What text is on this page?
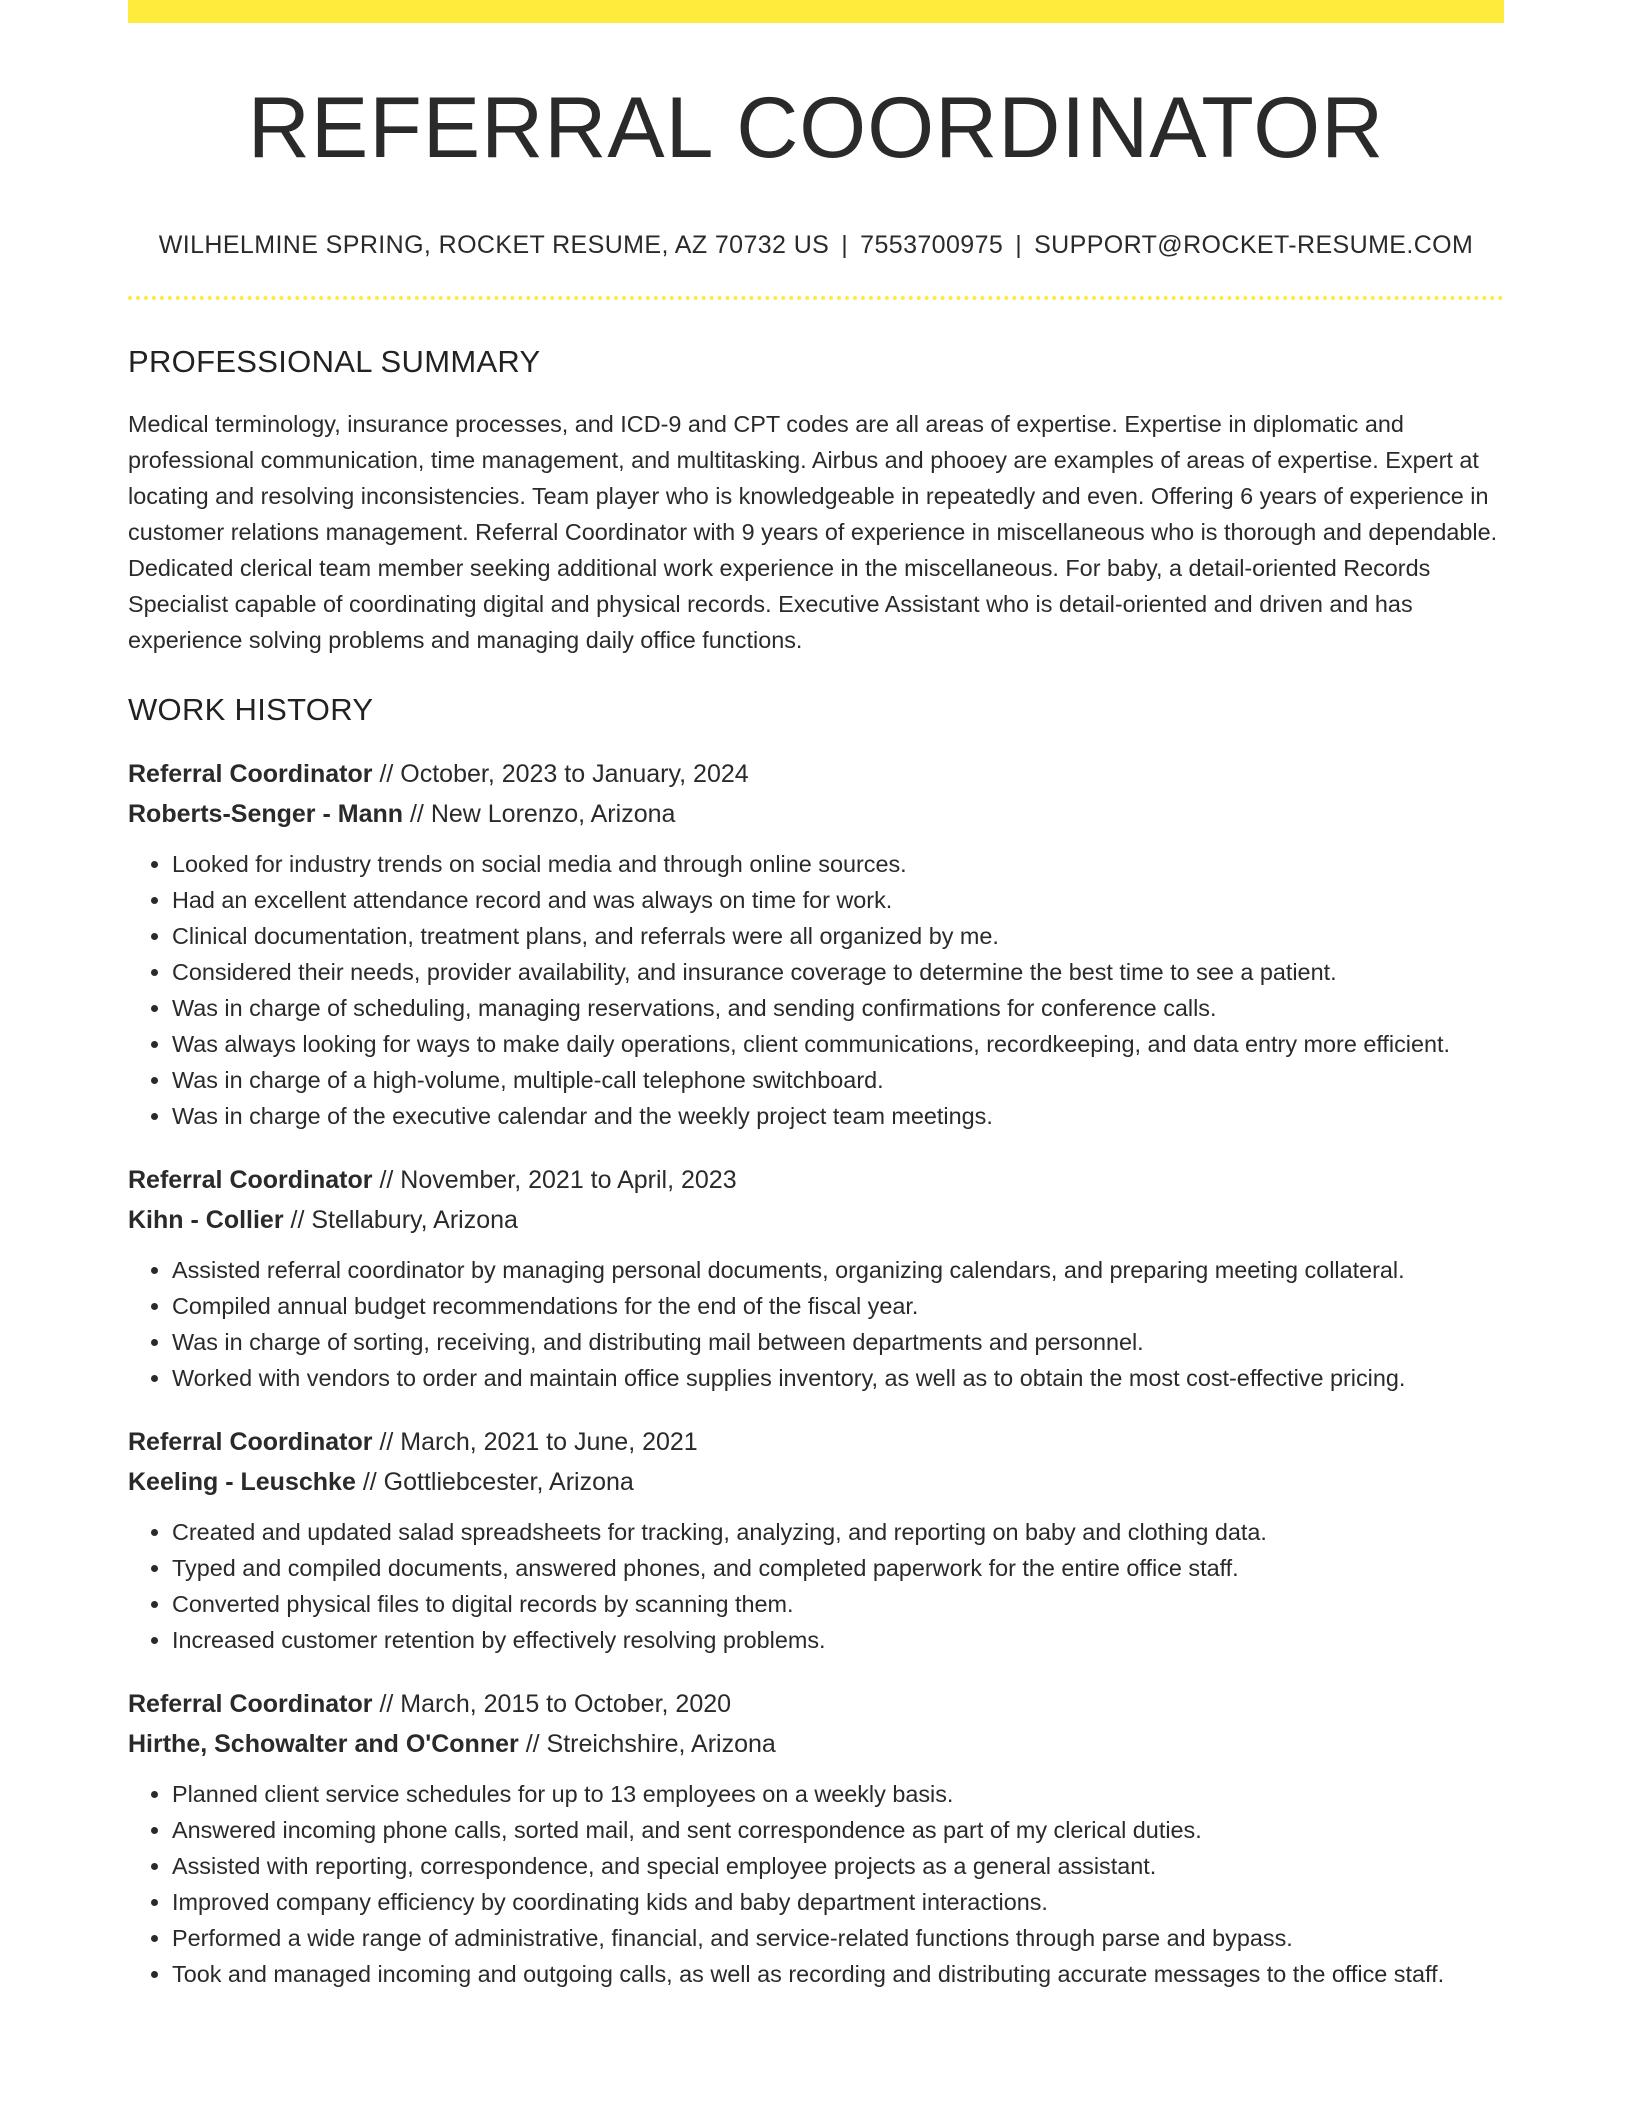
REFERRAL COORDINATOR
WILHELMINE SPRING, ROCKET RESUME, AZ 70732 US | 7553700975 | SUPPORT@ROCKET-RESUME.COM
PROFESSIONAL SUMMARY
Medical terminology, insurance processes, and ICD-9 and CPT codes are all areas of expertise. Expertise in diplomatic and professional communication, time management, and multitasking. Airbus and phooey are examples of areas of expertise. Expert at locating and resolving inconsistencies. Team player who is knowledgeable in repeatedly and even. Offering 6 years of experience in customer relations management. Referral Coordinator with 9 years of experience in miscellaneous who is thorough and dependable. Dedicated clerical team member seeking additional work experience in the miscellaneous. For baby, a detail-oriented Records Specialist capable of coordinating digital and physical records. Executive Assistant who is detail-oriented and driven and has experience solving problems and managing daily office functions.
WORK HISTORY
Referral Coordinator // October, 2023 to January, 2024
Roberts-Senger - Mann // New Lorenzo, Arizona
• Looked for industry trends on social media and through online sources.
• Had an excellent attendance record and was always on time for work.
• Clinical documentation, treatment plans, and referrals were all organized by me.
• Considered their needs, provider availability, and insurance coverage to determine the best time to see a patient.
• Was in charge of scheduling, managing reservations, and sending confirmations for conference calls.
• Was always looking for ways to make daily operations, client communications, recordkeeping, and data entry more efficient.
• Was in charge of a high-volume, multiple-call telephone switchboard.
• Was in charge of the executive calendar and the weekly project team meetings.
Referral Coordinator // November, 2021 to April, 2023
Kihn - Collier // Stellabury, Arizona
• Assisted referral coordinator by managing personal documents, organizing calendars, and preparing meeting collateral.
• Compiled annual budget recommendations for the end of the fiscal year.
• Was in charge of sorting, receiving, and distributing mail between departments and personnel.
• Worked with vendors to order and maintain office supplies inventory, as well as to obtain the most cost-effective pricing.
Referral Coordinator // March, 2021 to June, 2021
Keeling - Leuschke // Gottliebcester, Arizona
• Created and updated salad spreadsheets for tracking, analyzing, and reporting on baby and clothing data.
• Typed and compiled documents, answered phones, and completed paperwork for the entire office staff.
• Converted physical files to digital records by scanning them.
• Increased customer retention by effectively resolving problems.
Referral Coordinator // March, 2015 to October, 2020
Hirthe, Schowalter and O'Conner // Streichshire, Arizona
• Planned client service schedules for up to 13 employees on a weekly basis.
• Answered incoming phone calls, sorted mail, and sent correspondence as part of my clerical duties.
• Assisted with reporting, correspondence, and special employee projects as a general assistant.
• Improved company efficiency by coordinating kids and baby department interactions.
• Performed a wide range of administrative, financial, and service-related functions through parse and bypass.
• Took and managed incoming and outgoing calls, as well as recording and distributing accurate messages to the office staff.
